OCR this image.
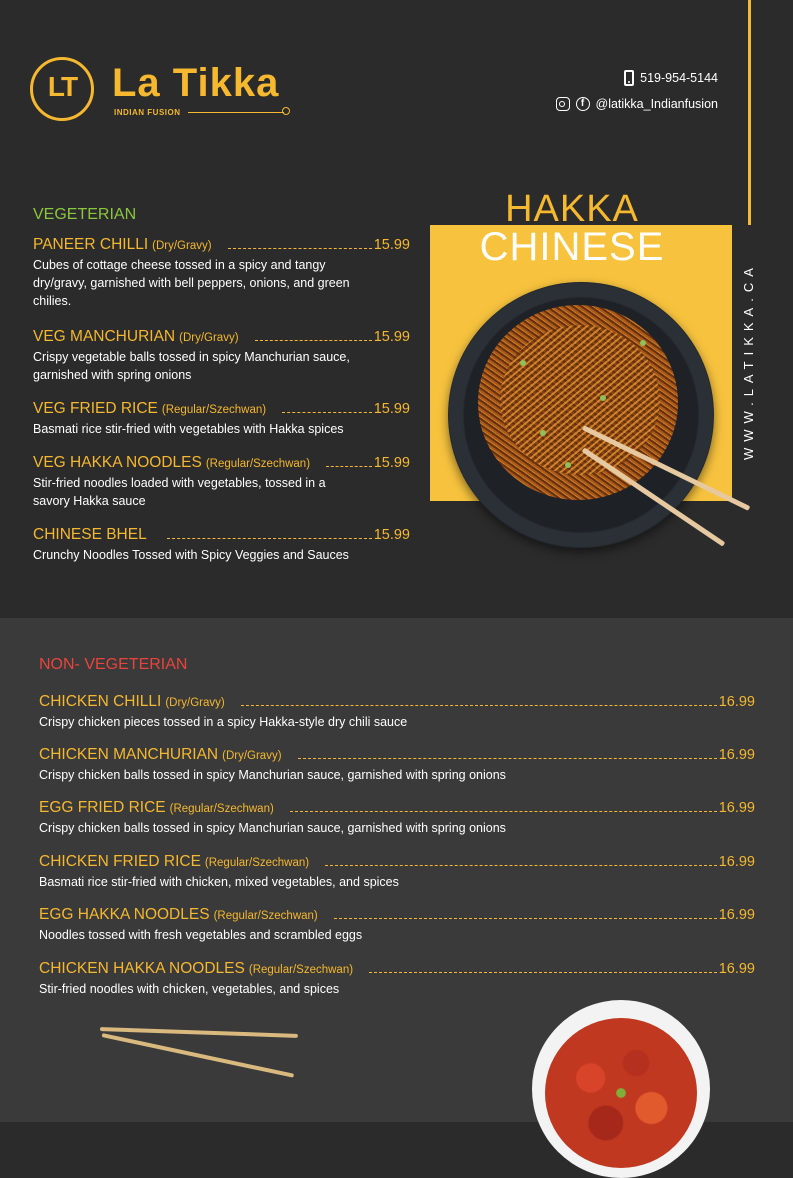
LT La Tikka
INDIAN FUSION
519-954-5144
f @latikka_Indianfusion
WWW.LATIKKA.CA
HAKKA
CHINESE
VEGETERIAN
PANEER CHILLI (Dry/Gravy)	15.99
Cubes of cottage cheese tossed in a spicy and tangy dry/gravy, garnished with bell peppers, onions, and green chilies.
VEG MANCHURIAN (Dry/Gravy)	15.99
Crispy vegetable balls tossed in spicy Manchurian sauce, garnished with spring onions
VEG FRIED RICE (Regular/Szechwan)	15.99
Basmati rice stir-fried with vegetables with Hakka spices
VEG HAKKA NOODLES (Regular/Szechwan)	15.99
Stir-fried noodles loaded with vegetables, tossed in a savory Hakka sauce
CHINESE BHEL	15.99
Crunchy Noodles Tossed with Spicy Veggies and Sauces
NON- VEGETERIAN
CHICKEN CHILLI (Dry/Gravy)	16.99
Crispy chicken pieces tossed in a spicy Hakka-style dry chili sauce
CHICKEN MANCHURIAN (Dry/Gravy)	16.99
Crispy chicken balls tossed in spicy Manchurian sauce, garnished with spring onions
EGG FRIED RICE (Regular/Szechwan)	16.99
Crispy chicken balls tossed in spicy Manchurian sauce, garnished with spring onions
CHICKEN FRIED RICE (Regular/Szechwan)	16.99
Basmati rice stir-fried with chicken, mixed vegetables, and spices
EGG HAKKA NOODLES (Regular/Szechwan)	16.99
Noodles tossed with fresh vegetables and scrambled eggs
CHICKEN HAKKA NOODLES (Regular/Szechwan)	16.99
Stir-fried noodles with chicken, vegetables, and spices
